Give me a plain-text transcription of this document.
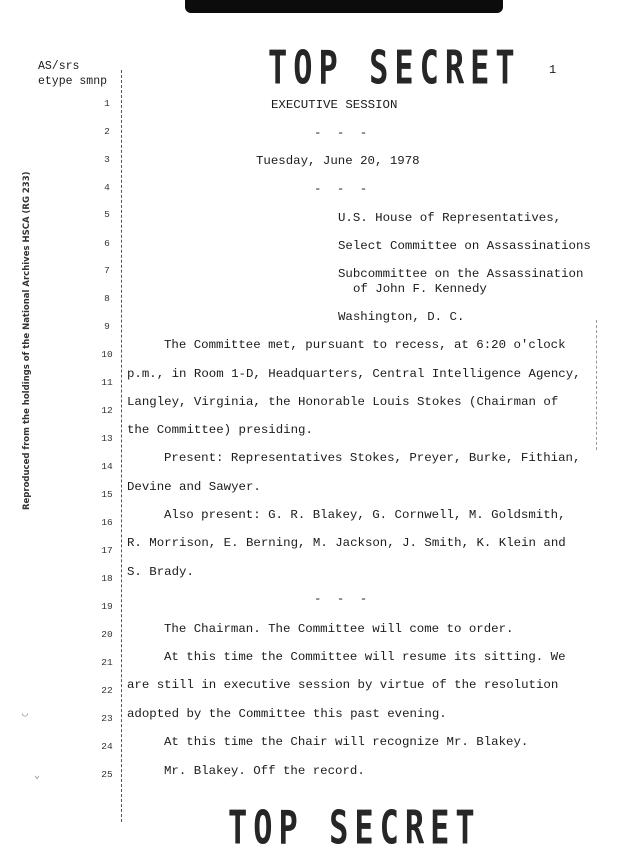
TOP SECRET 1
AS/srs
etype smnp
Reproduced from the holdings of the National Archives HSCA (RG 233)
1
2
3
4
5
6
7
8
9
10
11
12
13
14
15
16
17
18
19
20
21
22
23
24
25
EXECUTIVE SESSION
- - -
Tuesday, June 20, 1978
- - -
U.S. House of Representatives,
Select Committee on Assassinations
Subcommittee on the Assassination
of John F. Kennedy
Washington, D. C.
The Committee met, pursuant to recess, at 6:20 o'clock
p.m., in Room 1-D, Headquarters, Central Intelligence Agency,
Langley, Virginia, the Honorable Louis Stokes (Chairman of
the Committee) presiding.
Present: Representatives Stokes, Preyer, Burke, Fithian,
Devine and Sawyer.
Also present: G. R. Blakey, G. Cornwell, M. Goldsmith,
R. Morrison, E. Berning, M. Jackson, J. Smith, K. Klein and
S. Brady.
- - -
The Chairman. The Committee will come to order.
At this time the Committee will resume its sitting. We
are still in executive session by virtue of the resolution
adopted by the Committee this past evening.
At this time the Chair will recognize Mr. Blakey.
Mr. Blakey. Off the record.
◡
⌄
TOP SECRET
